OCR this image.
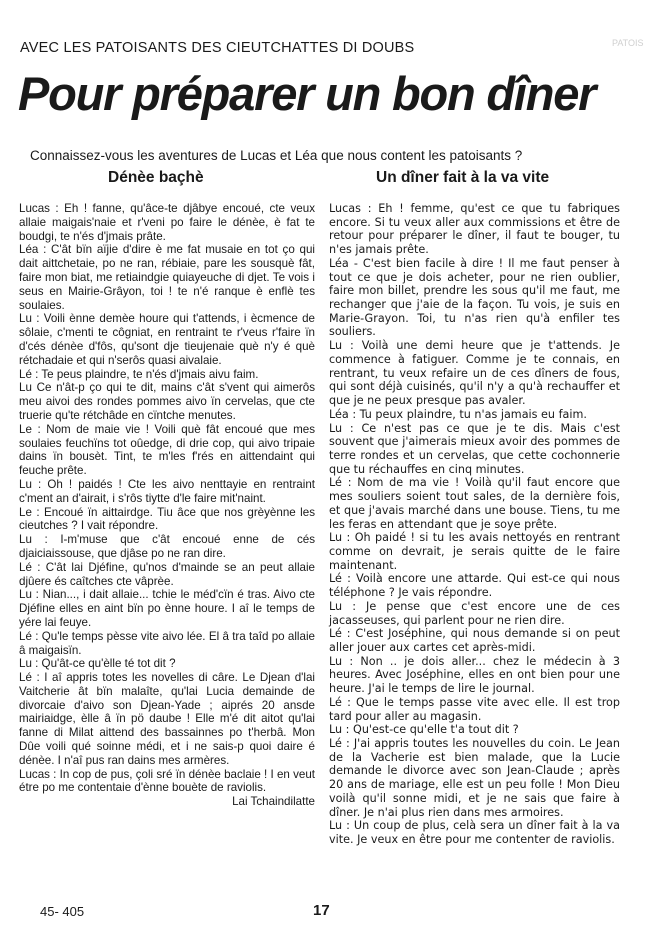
PATOIS
AVEC LES PATOISANTS DES CIEUTCHATTES DI DOUBS
Pour préparer un bon dîner
Connaissez-vous les aventures de Lucas et Léa que nous content les patoisants ?
Dénèe baçhè	Un dîner fait à la va vite

Lucas : Eh ! fanne, qu'âce-te djâbye encoué, cte veux allaie maigais'naie et r'veni po faire le dénèe, è fat te boudgi, te n'és d'jmais prâte.

Léa : C'ât bïn aïjie d'dire è me fat musaie en tot ço qui dait aittchetaie, po ne ran, rébiaie, pare les sousquè fât, faire mon biat, me retiaindgie quiayeuche di djet. Te vois i seus en Mairie-Grâyon, toi ! te n'é ranque è enflè tes soulaies.

Lu : Voili ènne demèe houre qui t'attends, i ècmence de sôlaie, c'menti te côgniat, en rentraint te r'veus r'faire ïn d'cés dénèe d'fôs, qu'sont dje tieujenaie què n'y é què rétchadaie et qui n'serôs quasi aivalaie.

Lé : Te peus plaindre, te n'és d'jmais aivu faim.

Lu Ce n'ât-p ço qui te dit, mains c'ât s'vent qui aimerôs meu aivoi des rondes pommes aivo ïn cervelas, que cte truerie qu'te rétchâde en cïntche menutes.

Le : Nom de maie vie ! Voili què fât encoué que mes soulaies feuchïns tot oûedge, di drie cop, qui aivo tripaie dains ïn bousèt. Tint, te m'les f'rés en aittendaint qui feuche prête.

Lu : Oh ! paidés ! Cte les aivo nenttayie en rentraint c'ment an d'airait, i s'rôs tiytte d'le faire mit'naint.

Le : Encoué ïn aittairdge. Tiu âce que nos grèyènne les cieutches ? I vait répondre.

Lu : I-m'muse que c'ât encoué enne de cés djaiciaissouse, que djâse po ne ran dire.

Lé : C'ât lai Djéfine, qu'nos d'mainde se an peut allaie djûere és caîtches cte vâprèe.

Lu : Nian..., i dait allaie... tchie le méd'cïn é tras. Aivo cte Djéfine elles en aint bïn po ènne houre. I aî le temps de yére lai feuye.

Lé : Qu'le temps pèsse vite aivo lée. El â tra taîd po allaie â maigaisïn.

Lu : Qu'ât-ce qu'èlle té tot dit ?

Lé : I aî appris totes les novelles di câre. Le Djean d'lai Vaitcherie ât bïn malaîte, qu'lai Lucia demainde de divorcaie d'aivo son Djean-Yade ; aiprés 20 ansde mairiaidge, èlle â ïn pö daube ! Elle m'é dit aitot qu'lai fanne di Milat aittend des bassainnes po t'herbâ. Mon Dûe voili qué soinne médi, et i ne sais-p quoi daire é dénèe. I n'aî pus ran dains mes armères.

Lucas : In cop de pus, çoli sré ïn dénèe baclaie ! I en veut étre po me contentaie d'ènne bouète de raviolis.

Lai Tchaindilatte

Lucas : Eh ! femme, qu'est ce que tu fabriques encore. Si tu veux aller aux commissions et être de retour pour préparer le dîner, il faut te bouger, tu n'es jamais prête.

Léa - C'est bien facile à dire ! Il me faut penser à tout ce que je dois acheter, pour ne rien oublier, faire mon billet, prendre les sous qu'il me faut, me rechanger que j'aie de la façon. Tu vois, je suis en Marie-Grayon. Toi, tu n'as rien qu'à enfiler tes souliers.

Lu : Voilà une demi heure que je t'attends. Je commence à fatiguer. Comme je te connais, en rentrant, tu veux refaire un de ces dîners de fous, qui sont déjà cuisinés, qu'il n'y a qu'à rechauffer et que je ne peux presque pas avaler.

Léa : Tu peux plaindre, tu n'as jamais eu faim.

Lu : Ce n'est pas ce que je te dis. Mais c'est souvent que j'aimerais mieux avoir des pommes de terre rondes et un cervelas, que cette cochonnerie que tu réchauffes en cinq minutes.

Lé : Nom de ma vie ! Voilà qu'il faut encore que mes souliers soient tout sales, de la dernière fois, et que j'avais marché dans une bouse. Tiens, tu me les feras en attendant que je soye prête.

Lu : Oh paidé ! si tu les avais nettoyés en rentrant comme on devrait, je serais quitte de le faire maintenant.

Lé : Voilà encore une attarde. Qui est-ce qui nous téléphone ? Je vais répondre.

Lu : Je pense que c'est encore une de ces jacasseuses, qui parlent pour ne rien dire.

Lé : C'est Joséphine, qui nous demande si on peut aller jouer aux cartes cet après-midi.

Lu : Non .. je dois aller... chez le médecin à 3 heures. Avec Joséphine, elles en ont bien pour une heure. J'ai le temps de lire le journal.

Lé : Que le temps passe vite avec elle. Il est trop tard pour aller au magasin.

Lu : Qu'est-ce qu'elle t'a tout dit ?

Lé : J'ai appris toutes les nouvelles du coin. Le Jean de la Vacherie est bien malade, que la Lucie demande le divorce avec son Jean-Claude ; après 20 ans de mariage, elle est un peu folle ! Mon Dieu voilà qu'il sonne midi, et je ne sais que faire à dîner. Je n'ai plus rien dans mes armoires.

Lu : Un coup de plus, celà sera un dîner fait à la va vite. Je veux en être pour me contenter de raviolis.

45- 405	17
